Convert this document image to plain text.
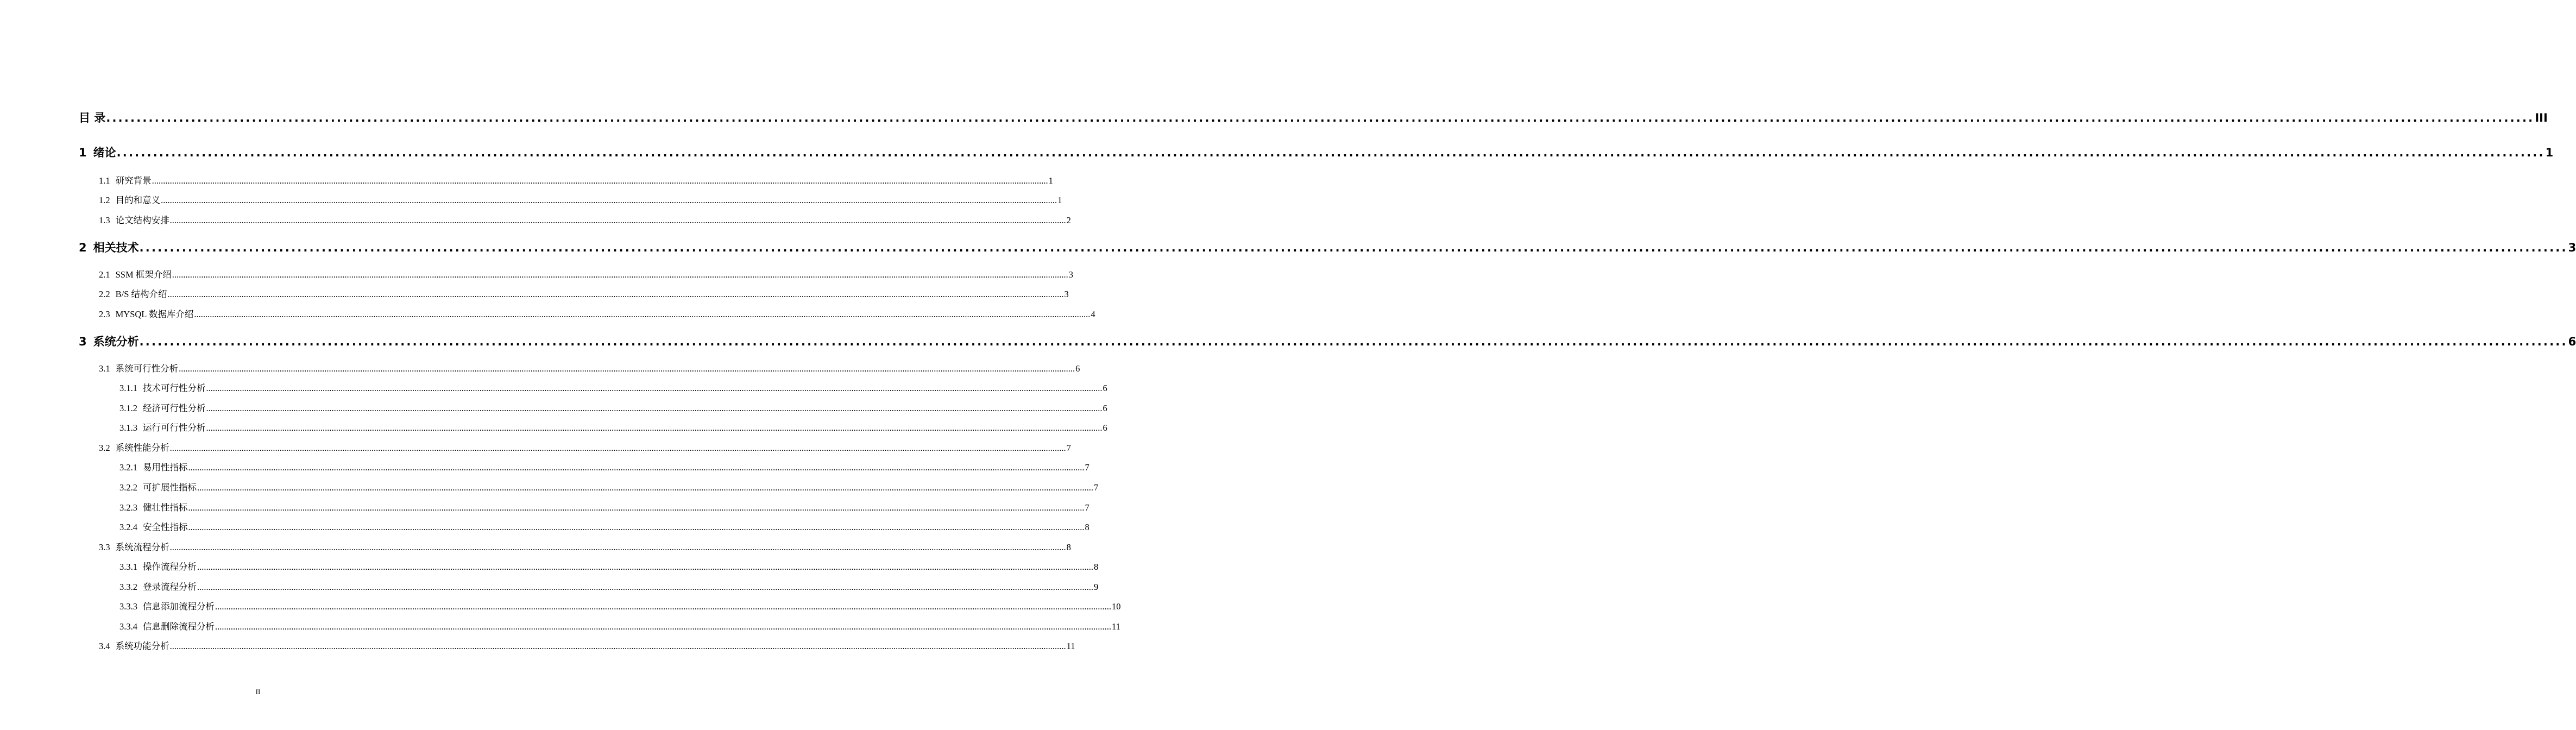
目 录 ................................................................................................................................................................................................................................................................................................................................................................................................................ III
1 绪论 ................................................................................................................................................................................................................................................................................................................................................................................................................ 1
1.1 研究背景 ................................................................................................................................................................................................................................................................................................................................................................................................................ 1
1.2 目的和意义 ................................................................................................................................................................................................................................................................................................................................................................................................................ 1
1.3 论文结构安排 ................................................................................................................................................................................................................................................................................................................................................................................................................ 2
2 相关技术 ................................................................................................................................................................................................................................................................................................................................................................................................................ 3
2.1 SSM 框架介绍 ................................................................................................................................................................................................................................................................................................................................................................................................................ 3
2.2 B/S 结构介绍 ................................................................................................................................................................................................................................................................................................................................................................................................................ 3
2.3 MYSQL 数据库介绍 ................................................................................................................................................................................................................................................................................................................................................................................................................ 4
3 系统分析 ................................................................................................................................................................................................................................................................................................................................................................................................................ 6
3.1 系统可行性分析 ................................................................................................................................................................................................................................................................................................................................................................................................................ 6
3.1.1 技术可行性分析 ................................................................................................................................................................................................................................................................................................................................................................................................................ 6
3.1.2 经济可行性分析 ................................................................................................................................................................................................................................................................................................................................................................................................................ 6
3.1.3 运行可行性分析 ................................................................................................................................................................................................................................................................................................................................................................................................................ 6
3.2 系统性能分析 ................................................................................................................................................................................................................................................................................................................................................................................................................ 7
3.2.1 易用性指标 ................................................................................................................................................................................................................................................................................................................................................................................................................ 7
3.2.2 可扩展性指标 ................................................................................................................................................................................................................................................................................................................................................................................................................ 7
3.2.3 健壮性指标 ................................................................................................................................................................................................................................................................................................................................................................................................................ 7
3.2.4 安全性指标 ................................................................................................................................................................................................................................................................................................................................................................................................................ 8
3.3 系统流程分析 ................................................................................................................................................................................................................................................................................................................................................................................................................ 8
3.3.1 操作流程分析 ................................................................................................................................................................................................................................................................................................................................................................................................................ 8
3.3.2 登录流程分析 ................................................................................................................................................................................................................................................................................................................................................................................................................ 9
3.3.3 信息添加流程分析 ................................................................................................................................................................................................................................................................................................................................................................................................................ 10
3.3.4 信息删除流程分析 ................................................................................................................................................................................................................................................................................................................................................................................................................ 11
3.4 系统功能分析 ................................................................................................................................................................................................................................................................................................................................................................................................................ 11
II
